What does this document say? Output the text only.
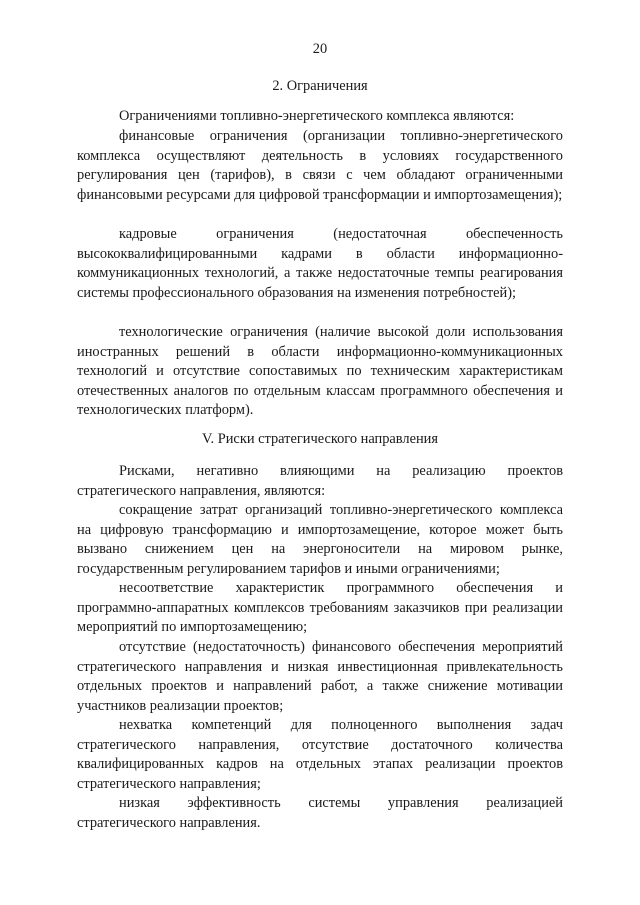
20
2. Ограничения

Ограничениями топливно-энергетического комплекса являются:

финансовые ограничения (организации топливно-энергетического комплекса осуществляют деятельность в условиях государственного регулирования цен (тарифов), в связи с чем обладают ограниченными финансовыми ресурсами для цифровой трансформации и импортозамещения);

кадровые ограничения (недостаточная обеспеченность высококвалифицированными кадрами в области информационно-коммуникационных технологий, а также недостаточные темпы реагирования системы профессионального образования на изменения потребностей);

технологические ограничения (наличие высокой доли использования иностранных решений в области информационно-коммуникационных технологий и отсутствие сопоставимых по техническим характеристикам отечественных аналогов по отдельным классам программного обеспечения и технологических платформ).

V. Риски стратегического направления

Рисками, негативно влияющими на реализацию проектов стратегического направления, являются:

сокращение затрат организаций топливно-энергетического комплекса на цифровую трансформацию и импортозамещение, которое может быть вызвано снижением цен на энергоносители на мировом рынке, государственным регулированием тарифов и иными ограничениями;

несоответствие характеристик программного обеспечения и программно-аппаратных комплексов требованиям заказчиков при реализации мероприятий по импортозамещению;

отсутствие (недостаточность) финансового обеспечения мероприятий стратегического направления и низкая инвестиционная привлекательность отдельных проектов и направлений работ, а также снижение мотивации участников реализации проектов;

нехватка компетенций для полноценного выполнения задач стратегического направления, отсутствие достаточного количества квалифицированных кадров на отдельных этапах реализации проектов стратегического направления;

низкая эффективность системы управления реализацией стратегического направления.
